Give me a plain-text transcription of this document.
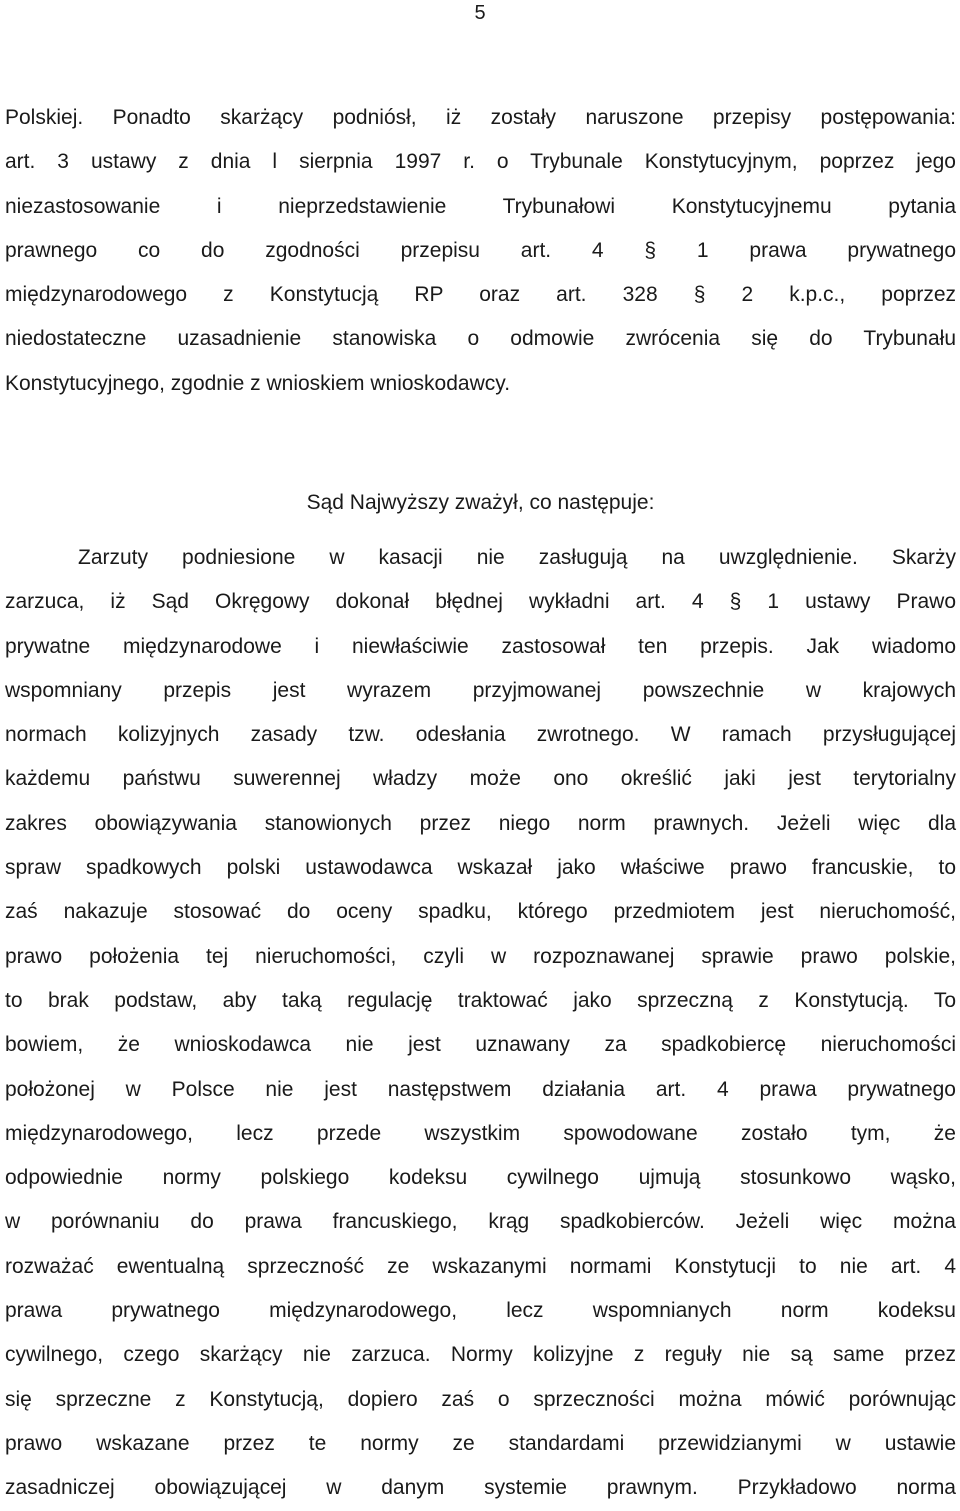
5
Polskiej. Ponadto skarżący podniósł, iż zostały naruszone przepisy postępowania:
art. 3 ustawy z dnia l sierpnia 1997 r. o Trybunale Konstytucyjnym, poprzez jego
niezastosowanie i nieprzedstawienie Trybunałowi Konstytucyjnemu pytania
prawnego co do zgodności przepisu art. 4 § 1 prawa prywatnego
międzynarodowego z Konstytucją RP oraz art. 328 § 2 k.p.c., poprzez
niedostateczne uzasadnienie stanowiska o odmowie zwrócenia się do Trybunału
Konstytucyjnego, zgodnie z wnioskiem wnioskodawcy.
Sąd Najwyższy zważył, co następuje:
Zarzuty podniesione w kasacji nie zasługują na uwzględnienie. Skarży
zarzuca, iż Sąd Okręgowy dokonał błędnej wykładni art. 4 § 1 ustawy Prawo
prywatne międzynarodowe i niewłaściwie zastosował ten przepis. Jak wiadomo
wspomniany przepis jest wyrazem przyjmowanej powszechnie w krajowych
normach kolizyjnych zasady tzw. odesłania zwrotnego. W ramach przysługującej
każdemu państwu suwerennej władzy może ono określić jaki jest terytorialny
zakres obowiązywania stanowionych przez niego norm prawnych. Jeżeli więc dla
spraw spadkowych polski ustawodawca wskazał jako właściwe prawo francuskie, to
zaś nakazuje stosować do oceny spadku, którego przedmiotem jest nieruchomość,
prawo położenia tej nieruchomości, czyli w rozpoznawanej sprawie prawo polskie,
to brak podstaw, aby taką regulację traktować jako sprzeczną z Konstytucją. To
bowiem, że wnioskodawca nie jest uznawany za spadkobiercę nieruchomości
położonej w Polsce nie jest następstwem działania art. 4 prawa prywatnego
międzynarodowego, lecz przede wszystkim spowodowane zostało tym, że
odpowiednie normy polskiego kodeksu cywilnego ujmują stosunkowo wąsko,
w porównaniu do prawa francuskiego, krąg spadkobierców. Jeżeli więc można
rozważać ewentualną sprzeczność ze wskazanymi normami Konstytucji to nie art. 4
prawa prywatnego międzynarodowego, lecz wspomnianych norm kodeksu
cywilnego, czego skarżący nie zarzuca. Normy kolizyjne z reguły nie są same przez
się sprzeczne z Konstytucją, dopiero zaś o sprzeczności można mówić porównując
prawo wskazane przez te normy ze standardami przewidzianymi w ustawie
zasadniczej obowiązującej w danym systemie prawnym. Przykładowo norma
